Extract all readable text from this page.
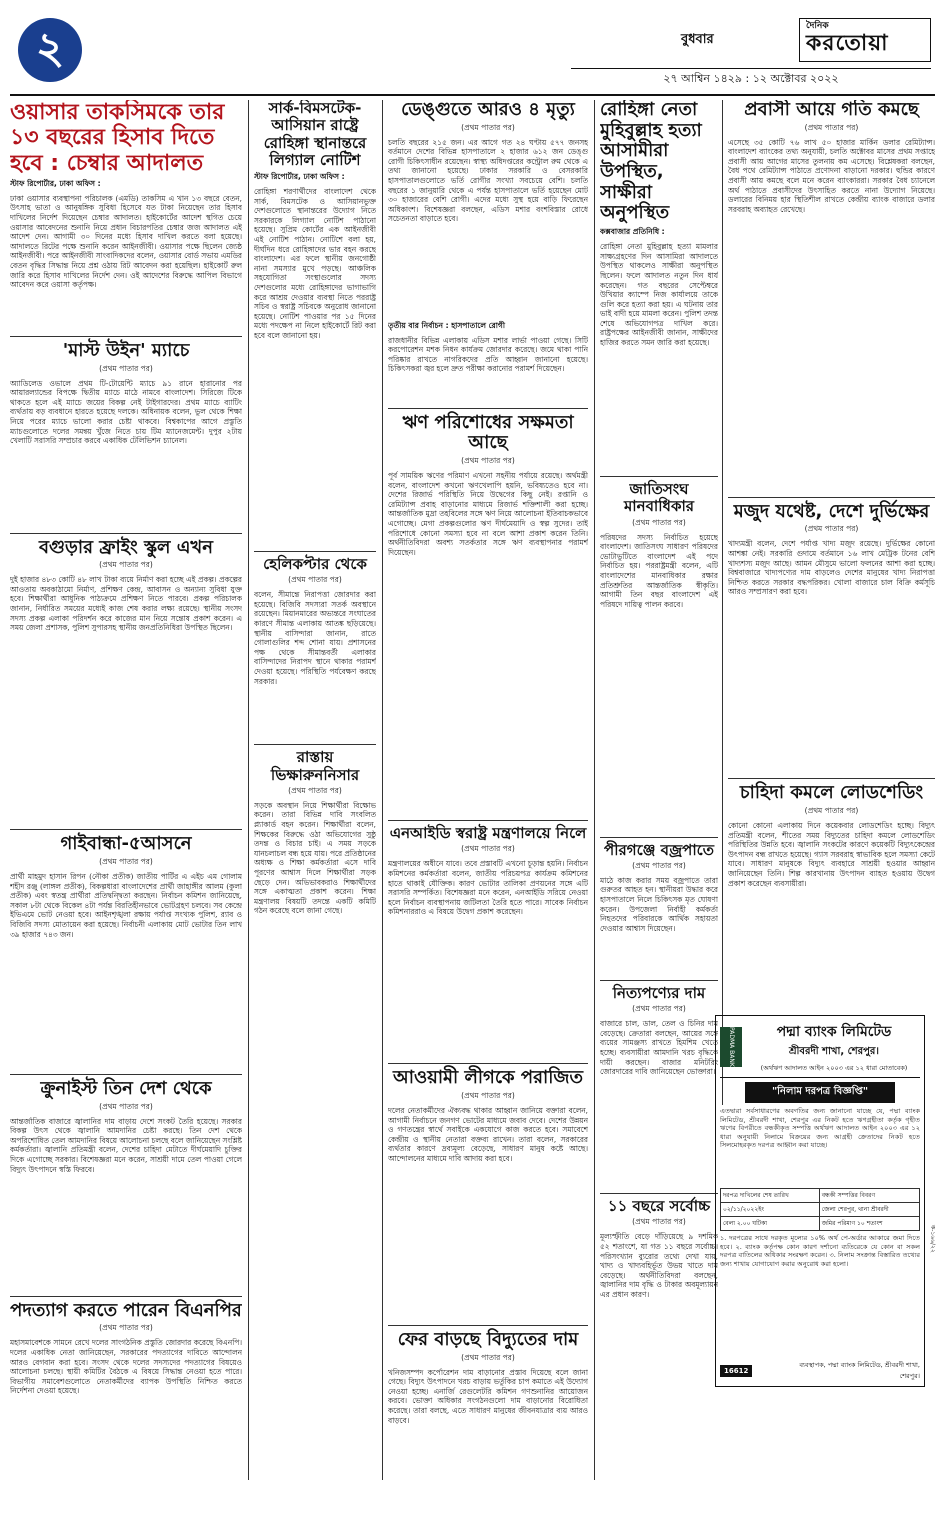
২	বুধবার
দৈনিক
করতোয়া
২৭ আশ্বিন ১৪২৯ : ১২ অক্টোবর ২০২২
ওয়াসার তাকসিমকে তার ১৩ বছরের হিসাব দিতে হবে : চেম্বার আদালত
স্টাফ রিপোর্টার, ঢাকা অফিস :
ঢাকা ওয়াসার ব্যবস্থাপনা পরিচালক (এমডি) তাকসিম এ খান ১৩ বছরে বেতন, উৎসাহ ভাতা ও আনুষঙ্গিক সুবিধা হিসেবে যত টাকা নিয়েছেন তার হিসাব দাখিলের নির্দেশ দিয়েছেন চেম্বার আদালত। হাইকোর্টের আদেশ স্থগিত চেয়ে ওয়াসার আবেদনের শুনানি নিয়ে প্রধান বিচারপতির চেম্বার জজ আদালত এই আদেশ দেন। আগামী ৩০ দিনের মধ্যে হিসাব দাখিল করতে বলা হয়েছে। আদালতে রিটের পক্ষে শুনানি করেন আইনজীবী। ওয়াসার পক্ষে ছিলেন জ্যেষ্ঠ আইনজীবী। পরে আইনজীবী সাংবাদিকদের বলেন, ওয়াসার বোর্ড সভায় এমডির বেতন বৃদ্ধির সিদ্ধান্ত নিয়ে প্রশ্ন ওঠায় রিট আবেদন করা হয়েছিল। হাইকোর্ট রুল জারি করে হিসাব দাখিলের নির্দেশ দেন। ওই আদেশের বিরুদ্ধে আপিল বিভাগে আবেদন করে ওয়াসা কর্তৃপক্ষ।
'মাস্ট উইন' ম্যাচে
(প্রথম পাতার পর)
অ্যাডিলেড ওভালে প্রথম টি-টোয়েন্টি ম্যাচে ৯১ রানে হারানোর পর আয়ারল্যান্ডের বিপক্ষে দ্বিতীয় ম্যাচে মাঠে নামবে বাংলাদেশ। সিরিজে টিকে থাকতে হলে এই ম্যাচে জয়ের বিকল্প নেই টাইগারদের। প্রথম ম্যাচে ব্যাটিং ব্যর্থতায় বড় ব্যবধানে হারতে হয়েছে দলকে। অধিনায়ক বলেন, ভুল থেকে শিক্ষা নিয়ে পরের ম্যাচে ভালো করার চেষ্টা থাকবে। বিশ্বকাপের আগে প্রস্তুতি ম্যাচগুলোতে দলের সমন্বয় খুঁজে নিতে চায় টিম ম্যানেজমেন্ট। দুপুর ২টায় খেলাটি সরাসরি সম্প্রচার করবে একাধিক টেলিভিশন চ্যানেল।
বগুড়ার ফ্রাইং স্কুল এখন
(প্রথম পাতার পর)
দুই হাজার ৪৮৩ কোটি ৪৮ লাখ টাকা ব্যয়ে নির্মাণ করা হচ্ছে এই প্রকল্প। প্রকল্পের আওতায় অবকাঠামো নির্মাণ, প্রশিক্ষণ কেন্দ্র, আবাসন ও অন্যান্য সুবিধা যুক্ত হবে। শিক্ষার্থীরা আধুনিক পাঠ্যক্রমে প্রশিক্ষণ নিতে পারবে। প্রকল্প পরিচালক জানান, নির্ধারিত সময়ের মধ্যেই কাজ শেষ করার লক্ষ্য রয়েছে। স্থানীয় সংসদ সদস্য প্রকল্প এলাকা পরিদর্শন করে কাজের মান নিয়ে সন্তোষ প্রকাশ করেন। এ সময় জেলা প্রশাসক, পুলিশ সুপারসহ স্থানীয় জনপ্রতিনিধিরা উপস্থিত ছিলেন।
গাইবান্ধা-৫আসনে
(প্রথম পাতার পর)
প্রার্থী মাহমুদ হাসান রিপন (নৌকা প্রতীক) জাতীয় পার্টির এ এইচ এম গোলাম শহীদ রঞ্জু (লাঙ্গল প্রতীক), বিকল্পধারা বাংলাদেশের প্রার্থী জাহাঙ্গীর আলম (কুলা প্রতীক) এবং স্বতন্ত্র প্রার্থীরা প্রতিদ্বন্দ্বিতা করছেন। নির্বাচন কমিশন জানিয়েছে, সকাল ৮টা থেকে বিকেল ৪টা পর্যন্ত বিরতিহীনভাবে ভোটগ্রহণ চলবে। সব কেন্দ্রে ইভিএমে ভোট নেওয়া হবে। আইনশৃঙ্খলা রক্ষায় পর্যাপ্ত সংখ্যক পুলিশ, র‌্যাব ও বিজিবি সদস্য মোতায়েন করা হয়েছে। নির্বাচনী এলাকায় মোট ভোটার তিন লাখ ৩৯ হাজার ৭৪৩ জন।
ক্রুনাইস্ট তিন দেশ থেকে
(প্রথম পাতার পর)
আন্তর্জাতিক বাজারে জ্বালানির দাম বাড়ায় দেশে সংকট তৈরি হয়েছে। সরকার বিকল্প উৎস থেকে জ্বালানি আমদানির চেষ্টা করছে। তিন দেশ থেকে অপরিশোধিত তেল আমদানির বিষয়ে আলোচনা চলছে বলে জানিয়েছেন সংশ্লিষ্ট কর্মকর্তারা। জ্বালানি প্রতিমন্ত্রী বলেন, দেশের চাহিদা মেটাতে দীর্ঘমেয়াদি চুক্তির দিকে এগোচ্ছে সরকার। বিশেষজ্ঞরা মনে করেন, সাশ্রয়ী দামে তেল পাওয়া গেলে বিদ্যুৎ উৎপাদনে স্বস্তি ফিরবে।
পদত্যাগ করতে পারেন বিএনপির
(প্রথম পাতার পর)
মহাসমাবেশকে সামনে রেখে দলের সাংগঠনিক প্রস্তুতি জোরদার করেছে বিএনপি। দলের একাধিক নেতা জানিয়েছেন, সরকারের পদত্যাগের দাবিতে আন্দোলন আরও বেগবান করা হবে। সংসদ থেকে দলের সদস্যদের পদত্যাগের বিষয়েও আলোচনা চলছে। স্থায়ী কমিটির বৈঠকে এ বিষয়ে সিদ্ধান্ত নেওয়া হতে পারে। বিভাগীয় সমাবেশগুলোতে নেতাকর্মীদের ব্যাপক উপস্থিতি নিশ্চিত করতে নির্দেশনা দেওয়া হয়েছে।
সার্ক-বিমসটেক-আসিয়ান রাষ্ট্রে রোহিঙ্গা স্থানান্তরে লিগ্যাল নোটিশ
স্টাফ রিপোর্টার, ঢাকা অফিস :
রোহিঙ্গা শরণার্থীদের বাংলাদেশ থেকে সার্ক, বিমসটেক ও আসিয়ানভুক্ত দেশগুলোতে স্থানান্তরের উদ্যোগ নিতে সরকারকে লিগ্যাল নোটিশ পাঠানো হয়েছে। সুপ্রিম কোর্টের এক আইনজীবী এই নোটিশ পাঠান। নোটিশে বলা হয়, দীর্ঘদিন ধরে রোহিঙ্গাদের ভার বহন করছে বাংলাদেশ। এর ফলে স্থানীয় জনগোষ্ঠী নানা সমস্যার মুখে পড়ছে। আঞ্চলিক সহযোগিতা সংস্থাগুলোর সদস্য দেশগুলোর মধ্যে রোহিঙ্গাদের ভাগাভাগি করে আশ্রয় দেওয়ার ব্যবস্থা নিতে পররাষ্ট্র সচিব ও স্বরাষ্ট্র সচিবকে অনুরোধ জানানো হয়েছে। নোটিশ পাওয়ার পর ১৫ দিনের মধ্যে পদক্ষেপ না নিলে হাইকোর্টে রিট করা হবে বলে জানানো হয়।
হেলিকপ্টার থেকে
(প্রথম পাতার পর)
বলেন, সীমান্তে নিরাপত্তা জোরদার করা হয়েছে। বিজিবি সদস্যরা সতর্ক অবস্থানে রয়েছেন। মিয়ানমারের অভ্যন্তরে সংঘাতের কারণে সীমান্ত এলাকায় আতঙ্ক ছড়িয়েছে। স্থানীয় বাসিন্দারা জানান, রাতে গোলাগুলির শব্দ শোনা যায়। প্রশাসনের পক্ষ থেকে সীমান্তবর্তী এলাকার বাসিন্দাদের নিরাপদ স্থানে থাকার পরামর্শ দেওয়া হয়েছে। পরিস্থিতি পর্যবেক্ষণ করছে সরকার।
রাস্তায় ভিক্ষারুননিসার
(প্রথম পাতার পর)
সড়কে অবস্থান নিয়ে শিক্ষার্থীরা বিক্ষোভ করেন। তারা বিভিন্ন দাবি সংবলিত প্ল্যাকার্ড বহন করেন। শিক্ষার্থীরা বলেন, শিক্ষকের বিরুদ্ধে ওঠা অভিযোগের সুষ্ঠু তদন্ত ও বিচার চাই। এ সময় সড়কে যানচলাচল বন্ধ হয়ে যায়। পরে প্রতিষ্ঠানের অধ্যক্ষ ও শিক্ষা কর্মকর্তারা এসে দাবি পূরণের আশ্বাস দিলে শিক্ষার্থীরা সড়ক ছেড়ে দেন। অভিভাবকরাও শিক্ষার্থীদের সঙ্গে একাত্মতা প্রকাশ করেন। শিক্ষা মন্ত্রণালয় বিষয়টি তদন্তে একটি কমিটি গঠন করেছে বলে জানা গেছে।
ডেঙ্গুতে আরও ৪ মৃত্যু
(প্রথম পাতার পর)
চলতি বছরের ২১৫ জন। এর আগে গত ২৪ ঘণ্টায় ৫৭৭ জনসহ বর্তমানে দেশের বিভিন্ন হাসপাতালে ২ হাজার ৬১২ জন ডেঙ্গু রোগী চিকিৎসাধীন রয়েছেন। স্বাস্থ্য অধিদপ্তরের কন্ট্রোল রুম থেকে এ তথ্য জানানো হয়েছে। ঢাকার সরকারি ও বেসরকারি হাসপাতালগুলোতে ভর্তি রোগীর সংখ্যা সবচেয়ে বেশি। চলতি বছরের ১ জানুয়ারি থেকে এ পর্যন্ত হাসপাতালে ভর্তি হয়েছেন মোট ৩০ হাজারের বেশি রোগী। এদের মধ্যে সুস্থ হয়ে বাড়ি ফিরেছেন অধিকাংশ। বিশেষজ্ঞরা বলছেন, এডিস মশার বংশবিস্তার রোধে সচেতনতা বাড়াতে হবে।
তৃতীয় বার নির্বাচন : হাসপাতালে রোগী
রাজধানীর বিভিন্ন এলাকায় এডিস মশার লার্ভা পাওয়া গেছে। সিটি করপোরেশন মশক নিধন কার্যক্রম জোরদার করেছে। জমে থাকা পানি পরিষ্কার রাখতে নাগরিকদের প্রতি আহ্বান জানানো হয়েছে। চিকিৎসকরা জ্বর হলে দ্রুত পরীক্ষা করানোর পরামর্শ দিয়েছেন।
ঋণ পরিশোধের সক্ষমতা আছে
(প্রথম পাতার পর)
পূর্ব সাময়িক ঋণের পরিমাণ এখনো সহনীয় পর্যায়ে রয়েছে। অর্থমন্ত্রী বলেন, বাংলাদেশ কখনো ঋণখেলাপি হয়নি, ভবিষ্যতেও হবে না। দেশের রিজার্ভ পরিস্থিতি নিয়ে উদ্বেগের কিছু নেই। রপ্তানি ও রেমিট্যান্স প্রবাহ বাড়ানোর মাধ্যমে রিজার্ভ শক্তিশালী করা হচ্ছে। আন্তর্জাতিক মুদ্রা তহবিলের সঙ্গে ঋণ নিয়ে আলোচনা ইতিবাচকভাবে এগোচ্ছে। মেগা প্রকল্পগুলোর ঋণ দীর্ঘমেয়াদি ও স্বল্প সুদের। তাই পরিশোধে কোনো সমস্যা হবে না বলে আশা প্রকাশ করেন তিনি। অর্থনীতিবিদরা অবশ্য সতর্কতার সঙ্গে ঋণ ব্যবস্থাপনার পরামর্শ দিয়েছেন।
এনআইডি স্বরাষ্ট্র মন্ত্রণালয়ে নিলে
(প্রথম পাতার পর)
মন্ত্রণালয়ের অধীনে যাবে। তবে প্রস্তাবটি এখনো চূড়ান্ত হয়নি। নির্বাচন কমিশনের কর্মকর্তারা বলেন, জাতীয় পরিচয়পত্র কার্যক্রম কমিশনের হাতে থাকাই যৌক্তিক। কারণ ভোটার তালিকা প্রণয়নের সঙ্গে এটি সরাসরি সম্পর্কিত। বিশেষজ্ঞরা মনে করেন, এনআইডি সরিয়ে নেওয়া হলে নির্বাচন ব্যবস্থাপনায় জটিলতা তৈরি হতে পারে। সাবেক নির্বাচন কমিশনাররাও এ বিষয়ে উদ্বেগ প্রকাশ করেছেন।
আওয়ামী লীগকে পরাজিত
(প্রথম পাতার পর)
দলের নেতাকর্মীদের ঐক্যবদ্ধ থাকার আহ্বান জানিয়ে বক্তারা বলেন, আগামী নির্বাচনে জনগণ ভোটের মাধ্যমে জবাব দেবে। দেশের উন্নয়ন ও গণতন্ত্রের স্বার্থে সবাইকে একযোগে কাজ করতে হবে। সমাবেশে কেন্দ্রীয় ও স্থানীয় নেতারা বক্তব্য রাখেন। তারা বলেন, সরকারের ব্যর্থতার কারণে দ্রব্যমূল্য বেড়েছে, সাধারণ মানুষ কষ্টে আছে। আন্দোলনের মাধ্যমে দাবি আদায় করা হবে।
ফের বাড়ছে বিদ্যুতের দাম
(প্রথম পাতার পর)
খনিজসম্পদ কর্পোরেশন দাম বাড়ানোর প্রস্তাব দিয়েছে বলে জানা গেছে। বিদ্যুৎ উৎপাদনে খরচ বাড়ায় ভর্তুকির চাপ কমাতে এই উদ্যোগ নেওয়া হচ্ছে। এনার্জি রেগুলেটরি কমিশন গণশুনানির আয়োজন করবে। ভোক্তা অধিকার সংগঠনগুলো দাম বাড়ানোর বিরোধিতা করেছে। তারা বলছে, এতে সাধারণ মানুষের জীবনযাত্রার ব্যয় আরও বাড়বে।
রোহিঙ্গা নেতা মুহিবুল্লাহ হত্যা আসামীরা উপস্থিত, সাক্ষীরা অনুপস্থিত
কক্সবাজার প্রতিনিধি :
রোহিঙ্গা নেতা মুহিবুল্লাহ হত্যা মামলার সাক্ষ্যগ্রহণের দিন আসামিরা আদালতে উপস্থিত থাকলেও সাক্ষীরা অনুপস্থিত ছিলেন। ফলে আদালত নতুন দিন ধার্য করেছেন। গত বছরের সেপ্টেম্বরে উখিয়ার ক্যাম্পে নিজ কার্যালয়ে তাকে গুলি করে হত্যা করা হয়। এ ঘটনায় তার ভাই বাদী হয়ে মামলা করেন। পুলিশ তদন্ত শেষে অভিযোগপত্র দাখিল করে। রাষ্ট্রপক্ষের আইনজীবী জানান, সাক্ষীদের হাজির করতে সমন জারি করা হয়েছে।
জাতিসংঘ মানবাধিকার
(প্রথম পাতার পর)
পরিষদের সদস্য নির্বাচিত হয়েছে বাংলাদেশ। জাতিসংঘ সাধারণ পরিষদের ভোটাভুটিতে বাংলাদেশ এই পদে নির্বাচিত হয়। পররাষ্ট্রমন্ত্রী বলেন, এটি বাংলাদেশের মানবাধিকার রক্ষার প্রতিশ্রুতির আন্তর্জাতিক স্বীকৃতি। আগামী তিন বছর বাংলাদেশ এই পরিষদে দায়িত্ব পালন করবে।
পীরগঞ্জে বজ্রপাতে
(প্রথম পাতার পর)
মাঠে কাজ করার সময় বজ্রপাতে তারা গুরুতর আহত হন। স্থানীয়রা উদ্ধার করে হাসপাতালে নিলে চিকিৎসক মৃত ঘোষণা করেন। উপজেলা নির্বাহী কর্মকর্তা নিহতদের পরিবারকে আর্থিক সহায়তা দেওয়ার আশ্বাস দিয়েছেন।
নিত্যপণ্যের দাম
(প্রথম পাতার পর)
বাজারে চাল, ডাল, তেল ও চিনির দাম বেড়েছে। ক্রেতারা বলছেন, আয়ের সঙ্গে ব্যয়ের সামঞ্জস্য রাখতে হিমশিম খেতে হচ্ছে। ব্যবসায়ীরা আমদানি খরচ বৃদ্ধিকে দায়ী করছেন। বাজার মনিটরিং জোরদারের দাবি জানিয়েছেন ভোক্তারা।
১১ বছরে সর্বোচ্চ
(প্রথম পাতার পর)
মূল্যস্ফীতি বেড়ে দাঁড়িয়েছে ৯ দশমিক ৫২ শতাংশে, যা গত ১১ বছরে সর্বোচ্চ। পরিসংখ্যান ব্যুরোর তথ্যে দেখা যায়, খাদ্য ও খাদ্যবহির্ভূত উভয় খাতে দাম বেড়েছে। অর্থনীতিবিদরা বলছেন, জ্বালানির দাম বৃদ্ধি ও টাকার অবমূল্যায়ন এর প্রধান কারণ।
প্রবাসী আয়ে গতি কমছে
(প্রথম পাতার পর)
এসেছে ৩৫ কোটি ৭৬ লাখ ৫০ হাজার মার্কিন ডলার রেমিট্যান্স। বাংলাদেশ ব্যাংকের তথ্য অনুযায়ী, চলতি অক্টোবর মাসের প্রথম সপ্তাহে প্রবাসী আয় আগের মাসের তুলনায় কম এসেছে। বিশ্লেষকরা বলছেন, বৈধ পথে রেমিট্যান্স পাঠাতে প্রণোদনা বাড়ানো দরকার। হুন্ডির কারণে প্রবাসী আয় কমছে বলে মনে করেন ব্যাংকাররা। সরকার বৈধ চ্যানেলে অর্থ পাঠাতে প্রবাসীদের উৎসাহিত করতে নানা উদ্যোগ নিয়েছে। ডলারের বিনিময় হার স্থিতিশীল রাখতে কেন্দ্রীয় ব্যাংক বাজারে ডলার সরবরাহ অব্যাহত রেখেছে।
মজুদ যথেষ্ট, দেশে দুর্ভিক্ষের
(প্রথম পাতার পর)
খাদ্যমন্ত্রী বলেন, দেশে পর্যাপ্ত খাদ্য মজুদ রয়েছে। দুর্ভিক্ষের কোনো আশঙ্কা নেই। সরকারি গুদামে বর্তমানে ১৬ লাখ মেট্রিক টনের বেশি খাদ্যশস্য মজুদ আছে। আমন মৌসুমে ভালো ফলনের আশা করা হচ্ছে। বিশ্ববাজারে খাদ্যপণ্যের দাম বাড়লেও দেশের মানুষের খাদ্য নিরাপত্তা নিশ্চিত করতে সরকার বদ্ধপরিকর। খোলা বাজারে চাল বিক্রি কর্মসূচি আরও সম্প্রসারণ করা হবে।
চাহিদা কমলে লোডশেডিং
(প্রথম পাতার পর)
কোনো কোনো এলাকায় দিনে কয়েকবার লোডশেডিং হচ্ছে। বিদ্যুৎ প্রতিমন্ত্রী বলেন, শীতের সময় বিদ্যুতের চাহিদা কমলে লোডশেডিং পরিস্থিতির উন্নতি হবে। জ্বালানি সংকটের কারণে কয়েকটি বিদ্যুৎকেন্দ্রের উৎপাদন বন্ধ রাখতে হয়েছে। গ্যাস সরবরাহ স্বাভাবিক হলে সমস্যা কেটে যাবে। সাধারণ মানুষকে বিদ্যুৎ ব্যবহারে সাশ্রয়ী হওয়ার আহ্বান জানিয়েছেন তিনি। শিল্প কারখানায় উৎপাদন ব্যাহত হওয়ায় উদ্বেগ প্রকাশ করেছেন ব্যবসায়ীরা।
PADMA BANK	পদ্মা ব্যাংক লিমিটেড
শ্রীবরদী শাখা, শেরপুর।
(অর্থঋণ আদালত আইন ২০০৩ এর ১২ ধারা মোতাবেক)
"নিলাম দরপত্র বিজ্ঞপ্তি"
এতদ্বারা সর্বসাধারণের অবগতির জন্য জানানো যাচ্ছে যে, পদ্মা ব্যাংক লিমিটেড, শ্রীবরদী শাখা, শেরপুর এর নিকট হতে ঋণগ্রহীতা কর্তৃক গৃহীত ঋণের বিপরীতে বন্ধকীকৃত সম্পত্তি অর্থঋণ আদালত আইন ২০০৩ এর ১২ ধারা অনুযায়ী নিলামে বিক্রয়ের জন্য আগ্রহী ক্রেতাদের নিকট হতে সিলমোহরকৃত দরপত্র আহ্বান করা যাচ্ছে।
দরপত্র দাখিলের শেষ তারিখ	বন্ধকী সম্পত্তির বিবরণ
০২/১১/২০২২ইং	জেলা শেরপুর, থানা শ্রীবরদী
বেলা ২.০০ ঘটিকা	জমির পরিমাণ ১০ শতাংশ
১. দরপত্রের সাথে দরকৃত মূল্যের ১০% অর্থ পে-অর্ডার আকারে জমা দিতে হবে। ২. ব্যাংক কর্তৃপক্ষ কোন কারণ দর্শানো ব্যতিরেকে যে কোন বা সকল দরপত্র বাতিলের অধিকার সংরক্ষণ করেন। ৩. নিলাম সংক্রান্ত বিস্তারিত তথ্যের জন্য শাখায় যোগাযোগ করার অনুরোধ করা হলো।
16612
ব্যবস্থাপক, পদ্মা ব্যাংক লিমিটেড, শ্রীবরদী শাখা, শেরপুর।
ক-১৬৬/২২
